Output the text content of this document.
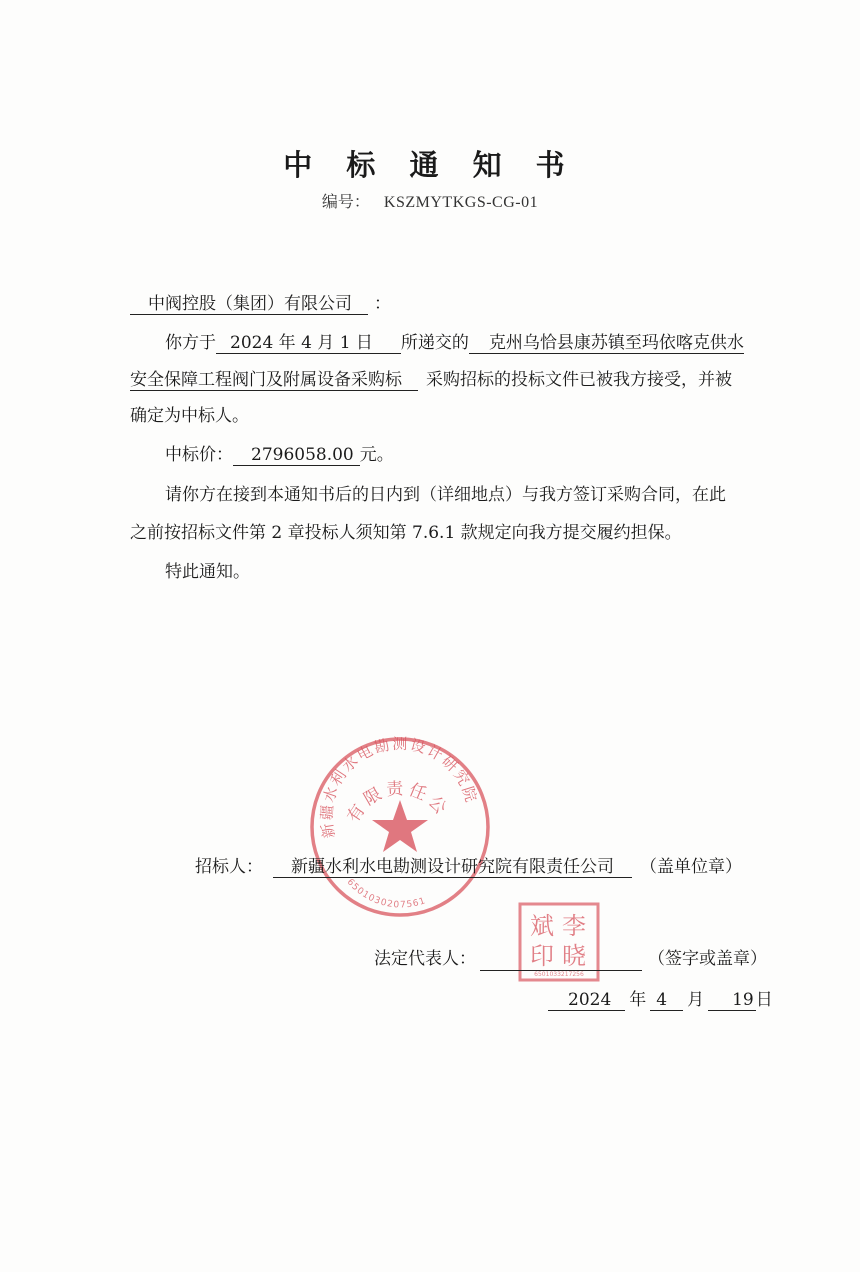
中 标 通 知 书
编号： KSZMYTKGS-CG-01
中阀控股（集团）有限公司 ：
你方于 2024 年 4 月 1 日 所递交的 克州乌恰县康苏镇至玛依喀克供水
安全保障工程阀门及附属设备采购标 采购招标的投标文件已被我方接受，并被
确定为中标人。
中标价： 2796058.00 元。
请你方在接到本通知书后的日内到（详细地点）与我方签订采购合同，在此
之前按招标文件第 2 章投标人须知第 7.6.1 款规定向我方提交履约担保。
特此通知。
新疆水利水电勘测设计研究院
有限责任公
6501030207561
招标人： 新疆水利水电勘测设计研究院有限责任公司 （盖单位章）
李
斌
晓
印
6501033217256
法定代表人：	（签字或盖章）
2024 年 4 月 19 日
